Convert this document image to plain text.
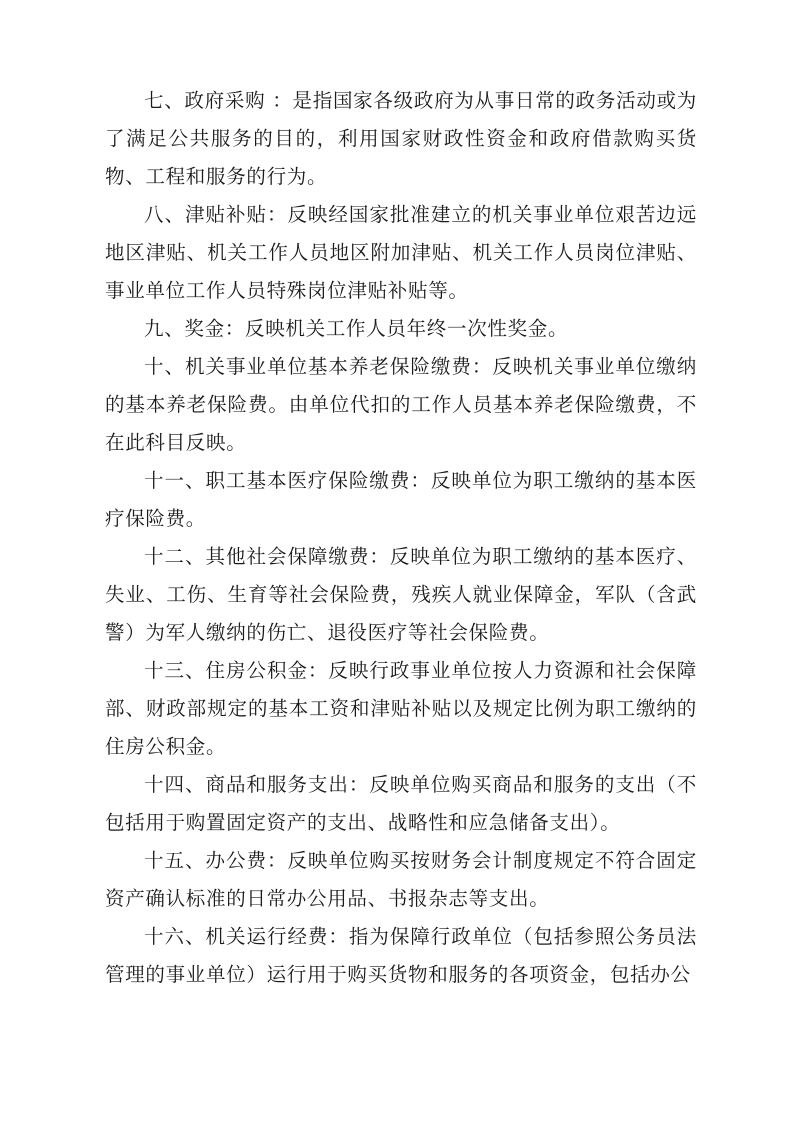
七、政府采购 ：是指国家各级政府为从事日常的政务活动或为了满足公共服务的目的，利用国家财政性资金和政府借款购买货物、工程和服务的行为。

八、津贴补贴：反映经国家批准建立的机关事业单位艰苦边远地区津贴、机关工作人员地区附加津贴、机关工作人员岗位津贴、事业单位工作人员特殊岗位津贴补贴等。

九、奖金：反映机关工作人员年终一次性奖金。

十、机关事业单位基本养老保险缴费：反映机关事业单位缴纳的基本养老保险费。由单位代扣的工作人员基本养老保险缴费，不在此科目反映。

十一、职工基本医疗保险缴费：反映单位为职工缴纳的基本医疗保险费。

十二、其他社会保障缴费：反映单位为职工缴纳的基本医疗、失业、工伤、生育等社会保险费，残疾人就业保障金，军队（含武警）为军人缴纳的伤亡、退役医疗等社会保险费。

十三、住房公积金：反映行政事业单位按人力资源和社会保障部、财政部规定的基本工资和津贴补贴以及规定比例为职工缴纳的住房公积金。

十四、商品和服务支出：反映单位购买商品和服务的支出（不包括用于购置固定资产的支出、战略性和应急储备支出）。

十五、办公费：反映单位购买按财务会计制度规定不符合固定资产确认标准的日常办公用品、书报杂志等支出。

十六、机关运行经费：指为保障行政单位（包括参照公务员法管理的事业单位）运行用于购买货物和服务的各项资金，包括办公
